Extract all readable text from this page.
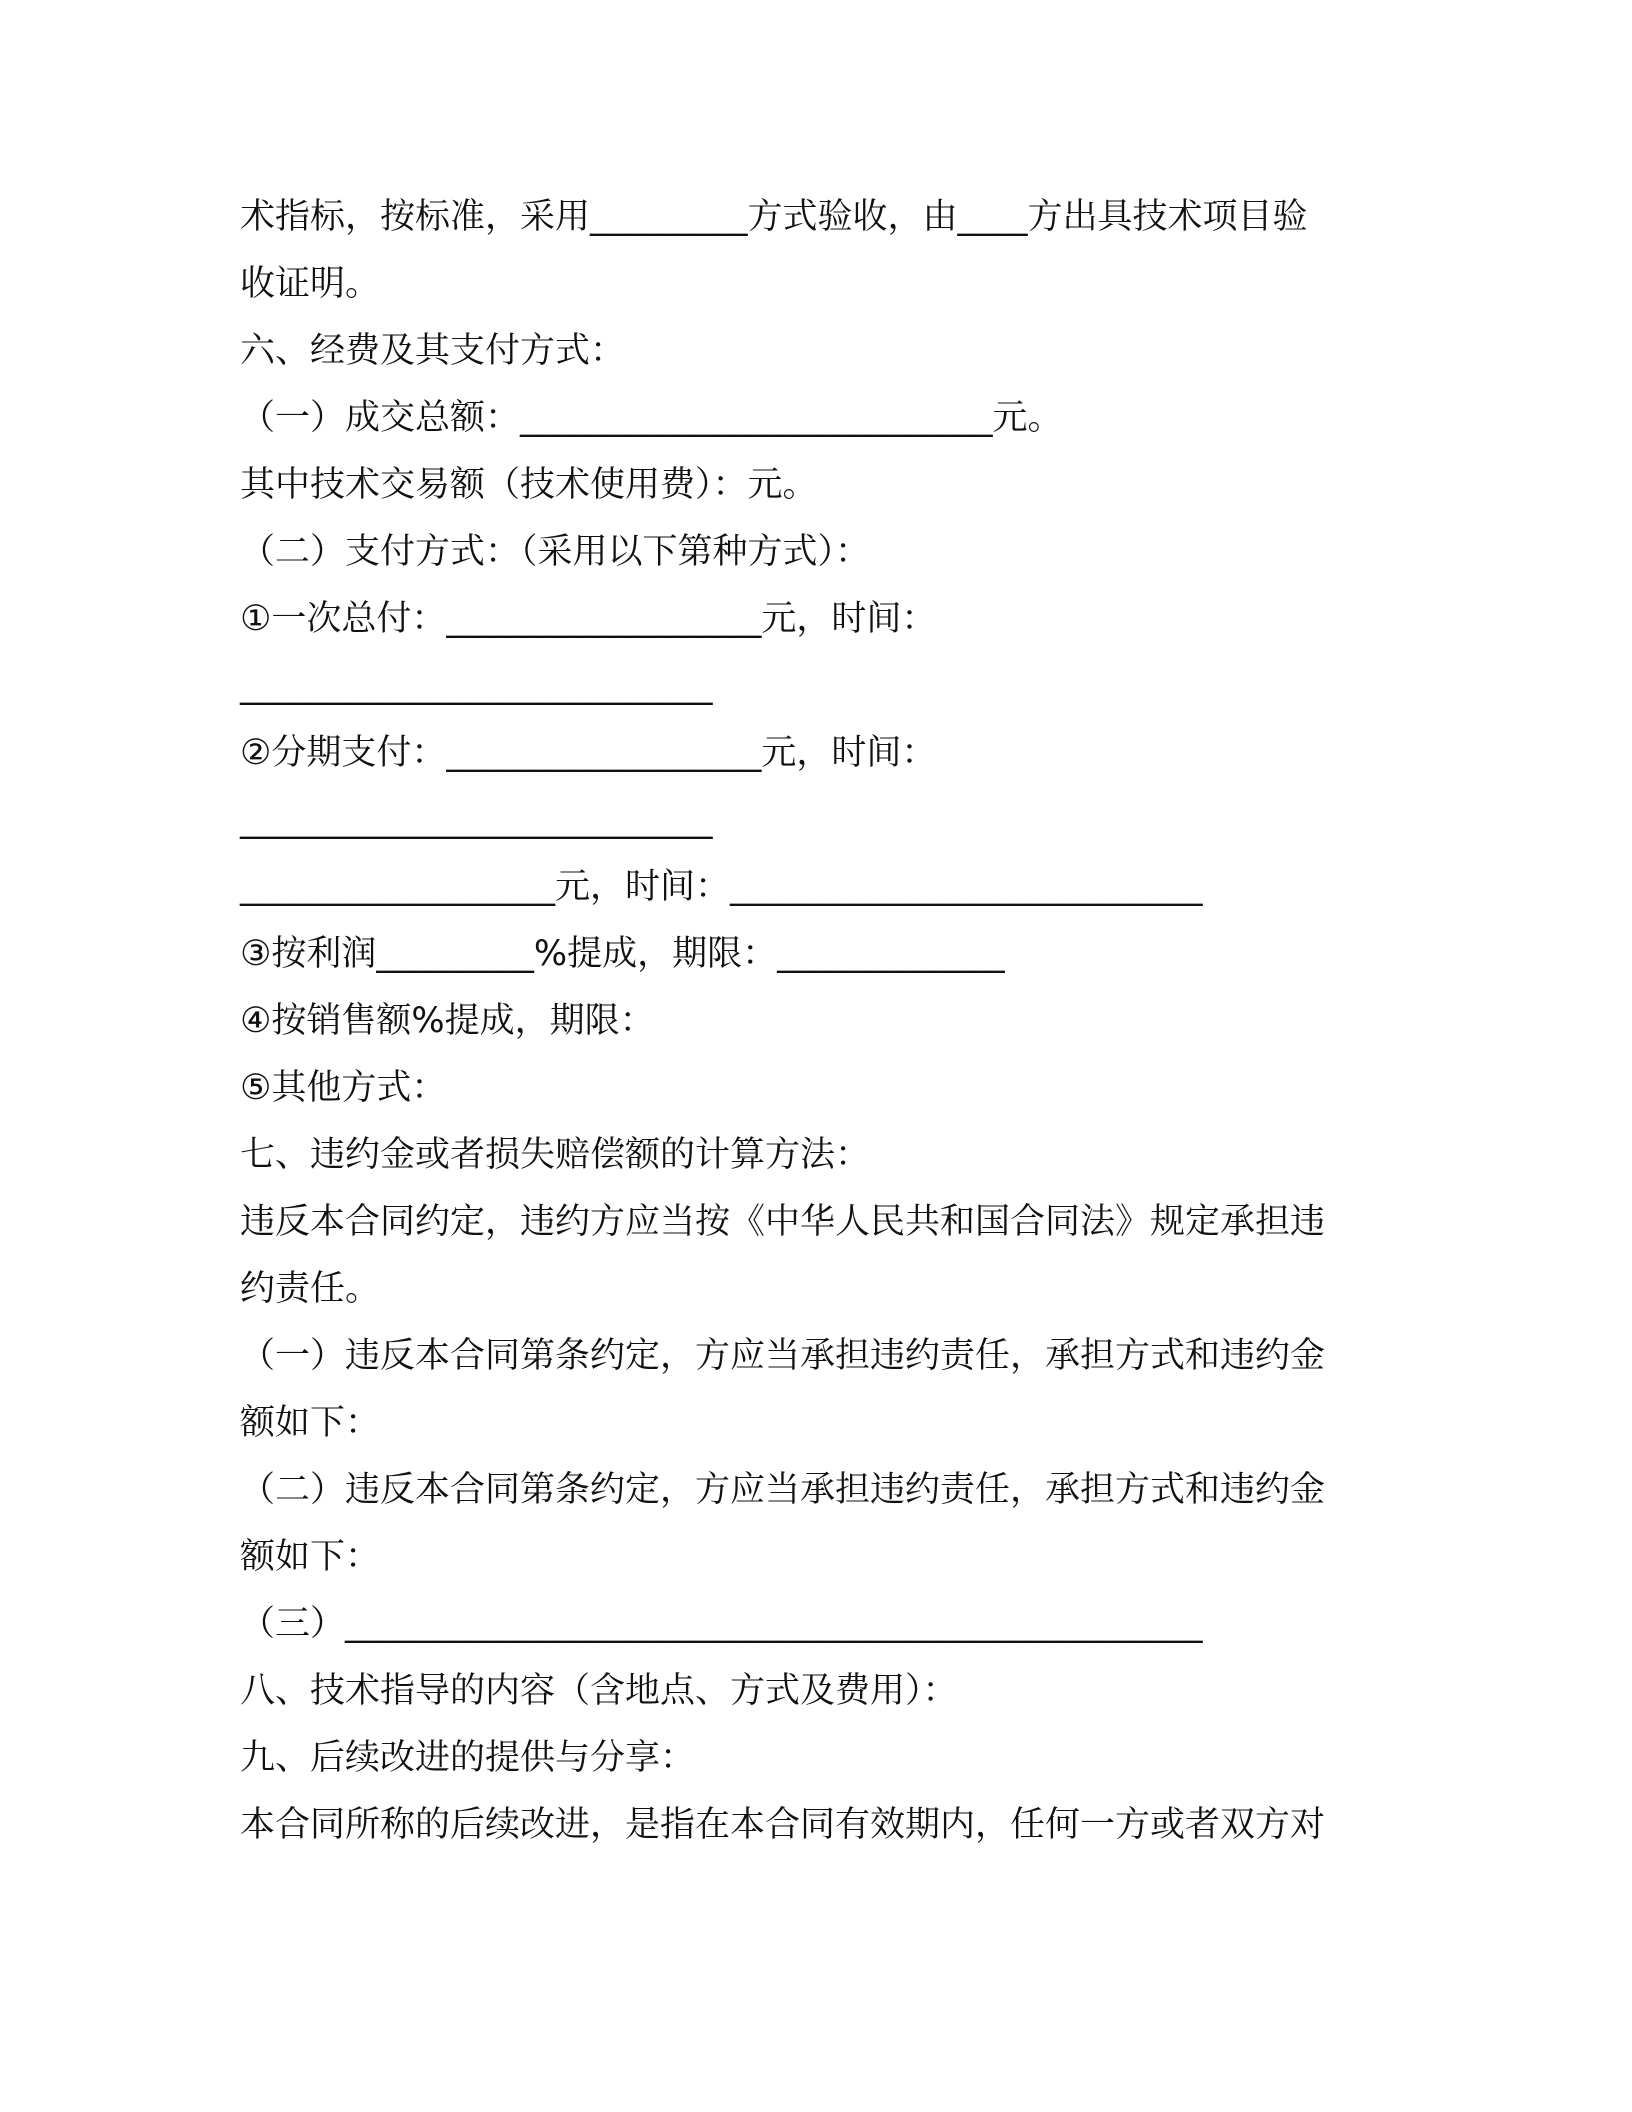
术指标，按标准，采用_________方式验收，由____方出具技术项目验
收证明。
六、经费及其支付方式：
（一）成交总额：___________________________元。
其中技术交易额（技术使用费）：元。
（二）支付方式：（采用以下第种方式）：
①一次总付：__________________元，时间：
___________________________
②分期支付：__________________元，时间：
___________________________
__________________元，时间：___________________________
③按利润_________%提成，期限：_____________
④按销售额%提成，期限：
⑤其他方式：
七、违约金或者损失赔偿额的计算方法：
违反本合同约定，违约方应当按《中华人民共和国合同法》规定承担违
约责任。
（一）违反本合同第条约定，方应当承担违约责任，承担方式和违约金
额如下：
（二）违反本合同第条约定，方应当承担违约责任，承担方式和违约金
额如下：
（三）_________________________________________________
八、技术指导的内容（含地点、方式及费用）：
九、后续改进的提供与分享：
本合同所称的后续改进，是指在本合同有效期内，任何一方或者双方对
